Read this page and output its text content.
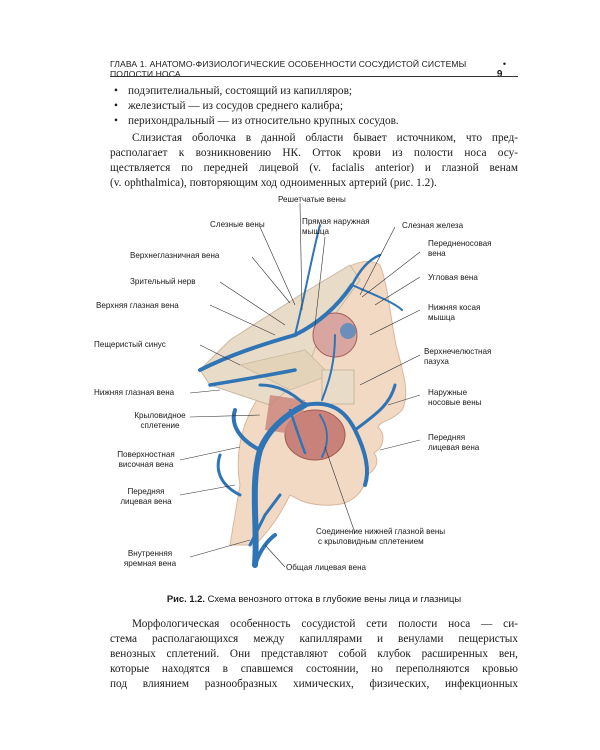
ГЛАВА 1. АНАТОМО-ФИЗИОЛОГИЧЕСКИЕ ОСОБЕННОСТИ СОСУДИСТОЙ СИСТЕМЫ ПОЛОСТИ НОСА
• 9
• подэпителиальный, состоящий из капилляров;
• железистый — из сосудов среднего калибра;
• перихондральный — из относительно крупных сосудов.
Слизистая оболочка в данной области бывает источником, что пред-
располагает к возникновению НК. Отток крови из полости носа осу-
ществляется по передней лицевой (v. facialis anterior) и глазной венам
(v. ophthalmica), повторяющим ход одноименных артерий (рис. 1.2).
Решетчатые вены
Слезные вены	Прямая наружная
мышца
Слезная железа
Верхнеглазничная вена
Передненосовая
вена
Зрительный нерв	Угловая вена
Верхняя глазная вена	Нижняя косая
мышца
Пещеристый синус
Верхнечелюстная
пазуха
Нижняя глазная вена	Наружные
носовые вены
Крыловидное
сплетение
Передняя
лицевая вена
Поверхностная
височная вена
Передняя
лицевая вена
Соединение нижней глазной вены
с крыловидным сплетением
Внутренняя
яремная вена	Общая лицевая вена
Рис. 1.2. Схема венозного оттока в глубокие вены лица и глазницы
Морфологическая особенность сосудистой сети полости носа — си-
стема располагающихся между капиллярами и венулами пещеристых
венозных сплетений. Они представляют собой клубок расширенных вен,
которые находятся в спавшемся состоянии, но переполняются кровью
под влиянием разнообразных химических, физических, инфекционных
